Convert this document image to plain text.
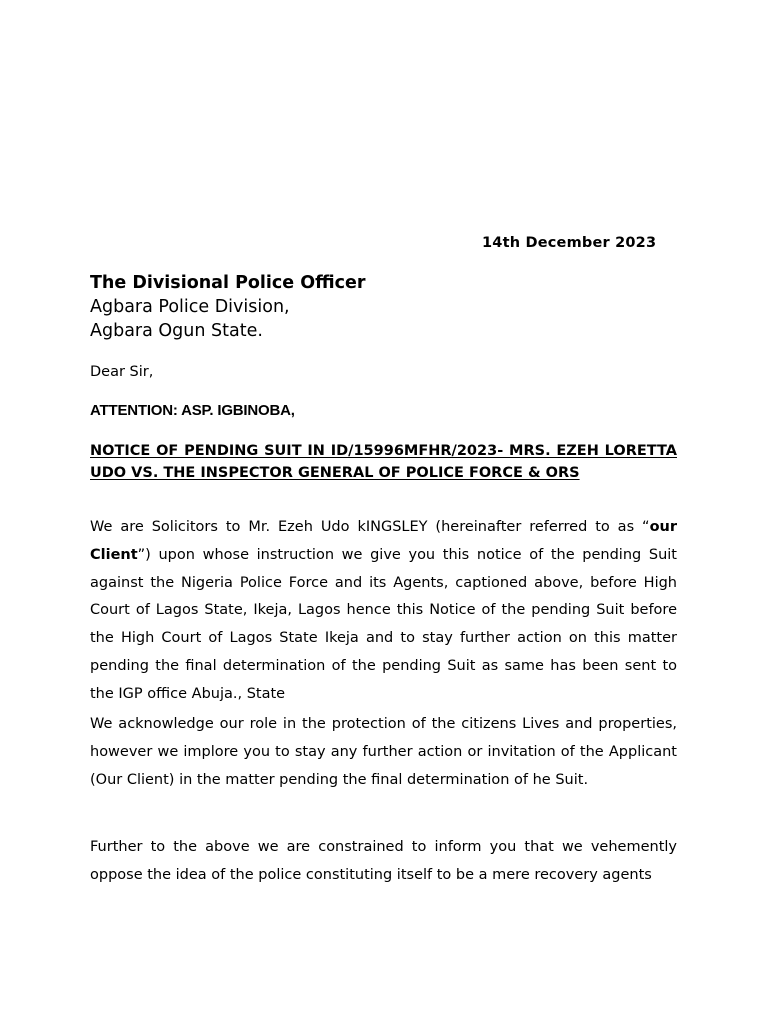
14th December 2023
The Divisional Police Officer
Agbara Police Division,
Agbara Ogun State.
Dear Sir,
ATTENTION: ASP. IGBINOBA,
NOTICE OF PENDING SUIT IN ID/15996MFHR/2023- MRS. EZEH LORETTA UDO VS. THE INSPECTOR GENERAL OF POLICE FORCE & ORS
We are Solicitors to Mr. Ezeh Udo kINGSLEY (hereinafter referred to as “our Client”) upon whose instruction we give you this notice of the pending Suit against the Nigeria Police Force and its Agents, captioned above, before High Court of Lagos State, Ikeja, Lagos hence this Notice of the pending Suit before the High Court of Lagos State Ikeja and to stay further action on this matter pending the final determination of the pending Suit as same has been sent to the IGP office Abuja., State
We acknowledge our role in the protection of the citizens Lives and properties, however we implore you to stay any further action or invitation of the Applicant (Our Client) in the matter pending the final determination of he Suit.
Further to the above we are constrained to inform you that we vehemently oppose the idea of the police constituting itself to be a mere recovery agents
